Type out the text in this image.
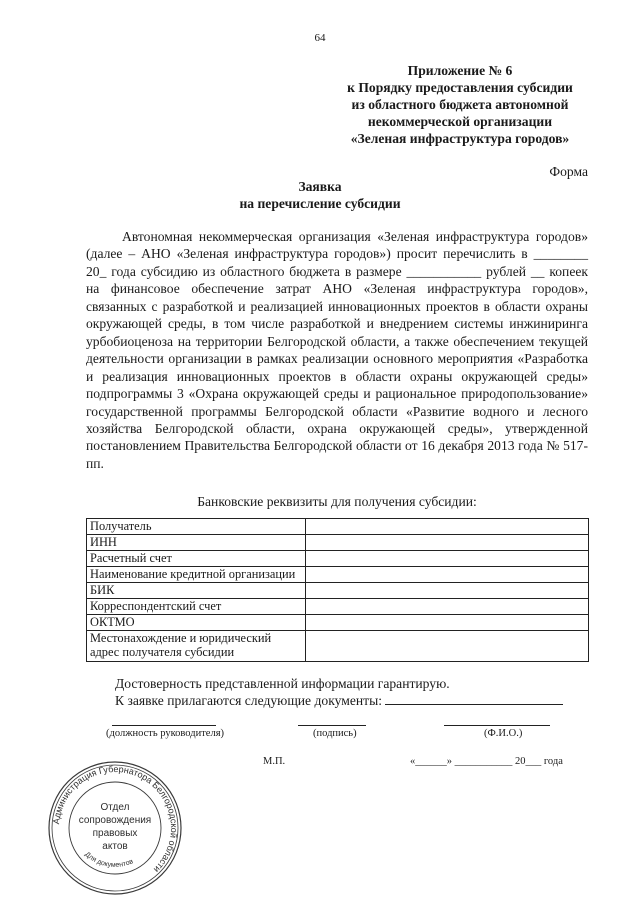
64
Приложение № 6
к Порядку предоставления субсидии
из областного бюджета автономной
некоммерческой организации
«Зеленая инфраструктура городов»
Форма
Заявка
на перечисление субсидии

Автономная некоммерческая организация «Зеленая инфраструктура городов» (далее – АНО «Зеленая инфраструктура городов») просит перечислить в ________ 20_ года субсидию из областного бюджета в размере ___________ рублей __ копеек на финансовое обеспечение затрат АНО «Зеленая инфраструктура городов», связанных с разработкой и реализацией инновационных проектов в области охраны окружающей среды, в том числе разработкой и внедрением системы инжиниринга урбобиоценоза на территории Белгородской области, а также обеспечением текущей деятельности организации в рамках реализации основного мероприятия «Разработка и реализация инновационных проектов в области охраны окружающей среды» подпрограммы 3 «Охрана окружающей среды и рациональное природопользование» государственной программы Белгородской области «Развитие водного и лесного хозяйства Белгородской области, охрана окружающей среды», утвержденной постановлением Правительства Белгородской области от 16 декабря 2013 года № 517-пп.

Банковские реквизиты для получения субсидии:
Получатель	
ИНН	
Расчетный счет	
Наименование кредитной организации	
БИК	
Корреспондентский счет	
ОКТМО	
Местонахождение и юридический адрес получателя субсидии	
Достоверность представленной информации гарантирую.
К заявке прилагаются следующие документы:
(должность руководителя)	(подпись)	(Ф.И.О.)
М.П.	«______» ___________ 20___ года
Администрация Губернатора Белгородской области
Для документов
Отдел
сопровождения
правовых
актов
